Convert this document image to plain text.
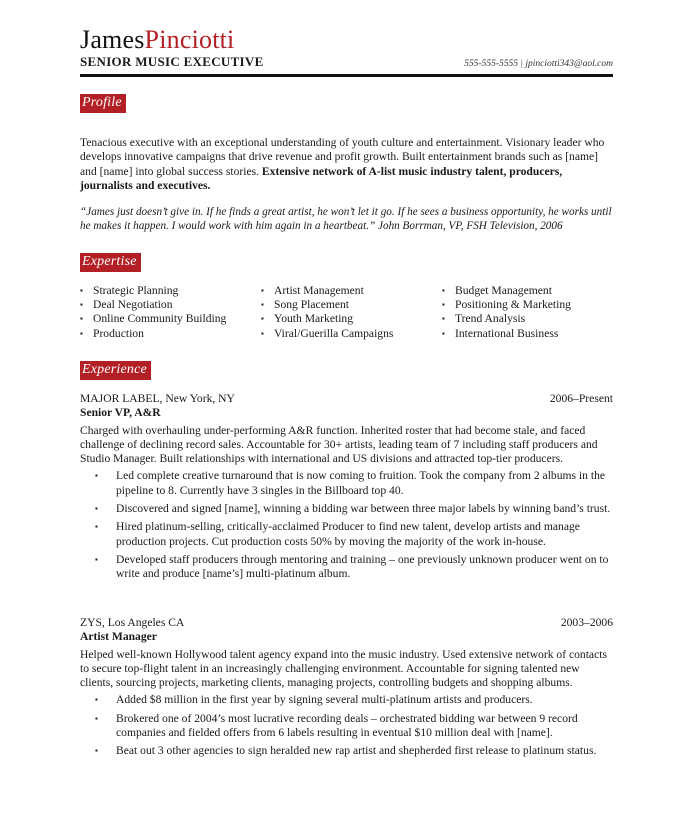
JamesPinciotti
SENIOR MUSIC EXECUTIVE	555-555-5555 | jpinciotti343@aol.com
Profile
Tenacious executive with an exceptional understanding of youth culture and entertainment. Visionary leader who develops innovative campaigns that drive revenue and profit growth. Built entertainment brands such as [name] and [name] into global success stories. Extensive network of A-list music industry talent, producers, journalists and executives.
“James just doesn’t give in. If he finds a great artist, he won’t let it go. If he sees a business opportunity, he works until he makes it happen. I would work with him again in a heartbeat.” John Borrman, VP, FSH Television, 2006
Expertise
▪ Strategic Planning
▪ Deal Negotiation
▪ Online Community Building
▪ Production
▪ Artist Management
▪ Song Placement
▪ Youth Marketing
▪ Viral/Guerilla Campaigns
▪ Budget Management
▪ Positioning & Marketing
▪ Trend Analysis
▪ International Business
Experience
MAJOR LABEL, New York, NY	2006–Present
Senior VP, A&R
Charged with overhauling under-performing A&R function. Inherited roster that had become stale, and faced challenge of declining record sales. Accountable for 30+ artists, leading team of 7 including staff producers and Studio Manager. Built relationships with international and US divisions and attracted top-tier producers.
▪	Led complete creative turnaround that is now coming to fruition. Took the company from 2 albums in the pipeline to 8. Currently have 3 singles in the Billboard top 40.
▪	Discovered and signed [name], winning a bidding war between three major labels by winning band’s trust.
▪	Hired platinum-selling, critically-acclaimed Producer to find new talent, develop artists and manage production projects. Cut production costs 50% by moving the majority of the work in-house.
▪	Developed staff producers through mentoring and training – one previously unknown producer went on to write and produce [name’s] multi-platinum album.
ZYS, Los Angeles CA	2003–2006
Artist Manager
Helped well-known Hollywood talent agency expand into the music industry. Used extensive network of contacts to secure top-flight talent in an increasingly challenging environment. Accountable for signing talented new clients, sourcing projects, marketing clients, managing projects, controlling budgets and shopping albums.
▪	Added $8 million in the first year by signing several multi-platinum artists and producers.
▪	Brokered one of 2004’s most lucrative recording deals – orchestrated bidding war between 9 record companies and fielded offers from 6 labels resulting in eventual $10 million deal with [name].
▪	Beat out 3 other agencies to sign heralded new rap artist and shepherded first release to platinum status.
